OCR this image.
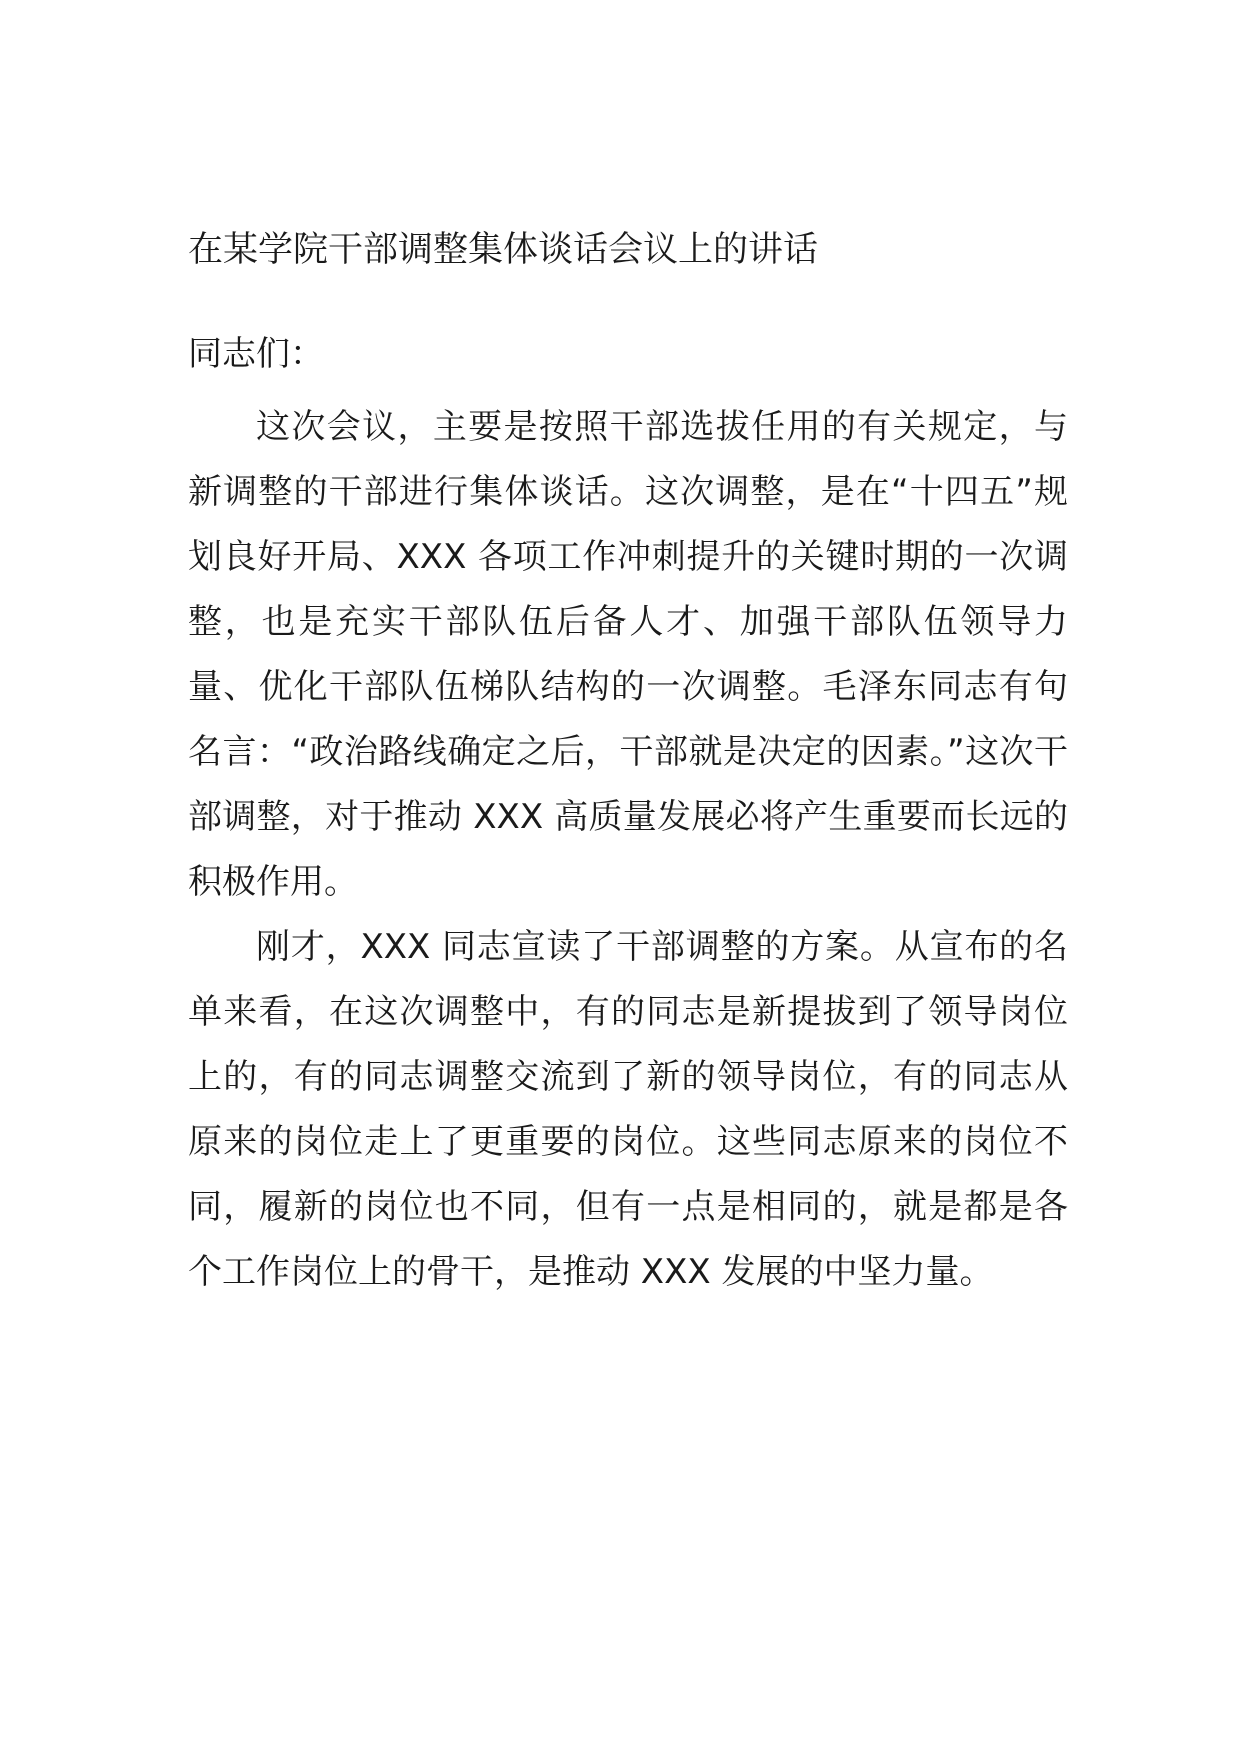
在某学院干部调整集体谈话会议上的讲话
同志们：

这次会议，主要是按照干部选拔任用的有关规定，与新调整的干部进行集体谈话。这次调整，是在“十四五”规划良好开局、XXX 各项工作冲刺提升的关键时期的一次调整，也是充实干部队伍后备人才、加强干部队伍领导力量、优化干部队伍梯队结构的一次调整。毛泽东同志有句名言：“政治路线确定之后，干部就是决定的因素。”这次干部调整，对于推动 XXX 高质量发展必将产生重要而长远的积极作用。

刚才，XXX 同志宣读了干部调整的方案。从宣布的名单来看，在这次调整中，有的同志是新提拔到了领导岗位上的，有的同志调整交流到了新的领导岗位，有的同志从原来的岗位走上了更重要的岗位。这些同志原来的岗位不同，履新的岗位也不同，但有一点是相同的，就是都是各个工作岗位上的骨干，是推动 XXX 发展的中坚力量。
